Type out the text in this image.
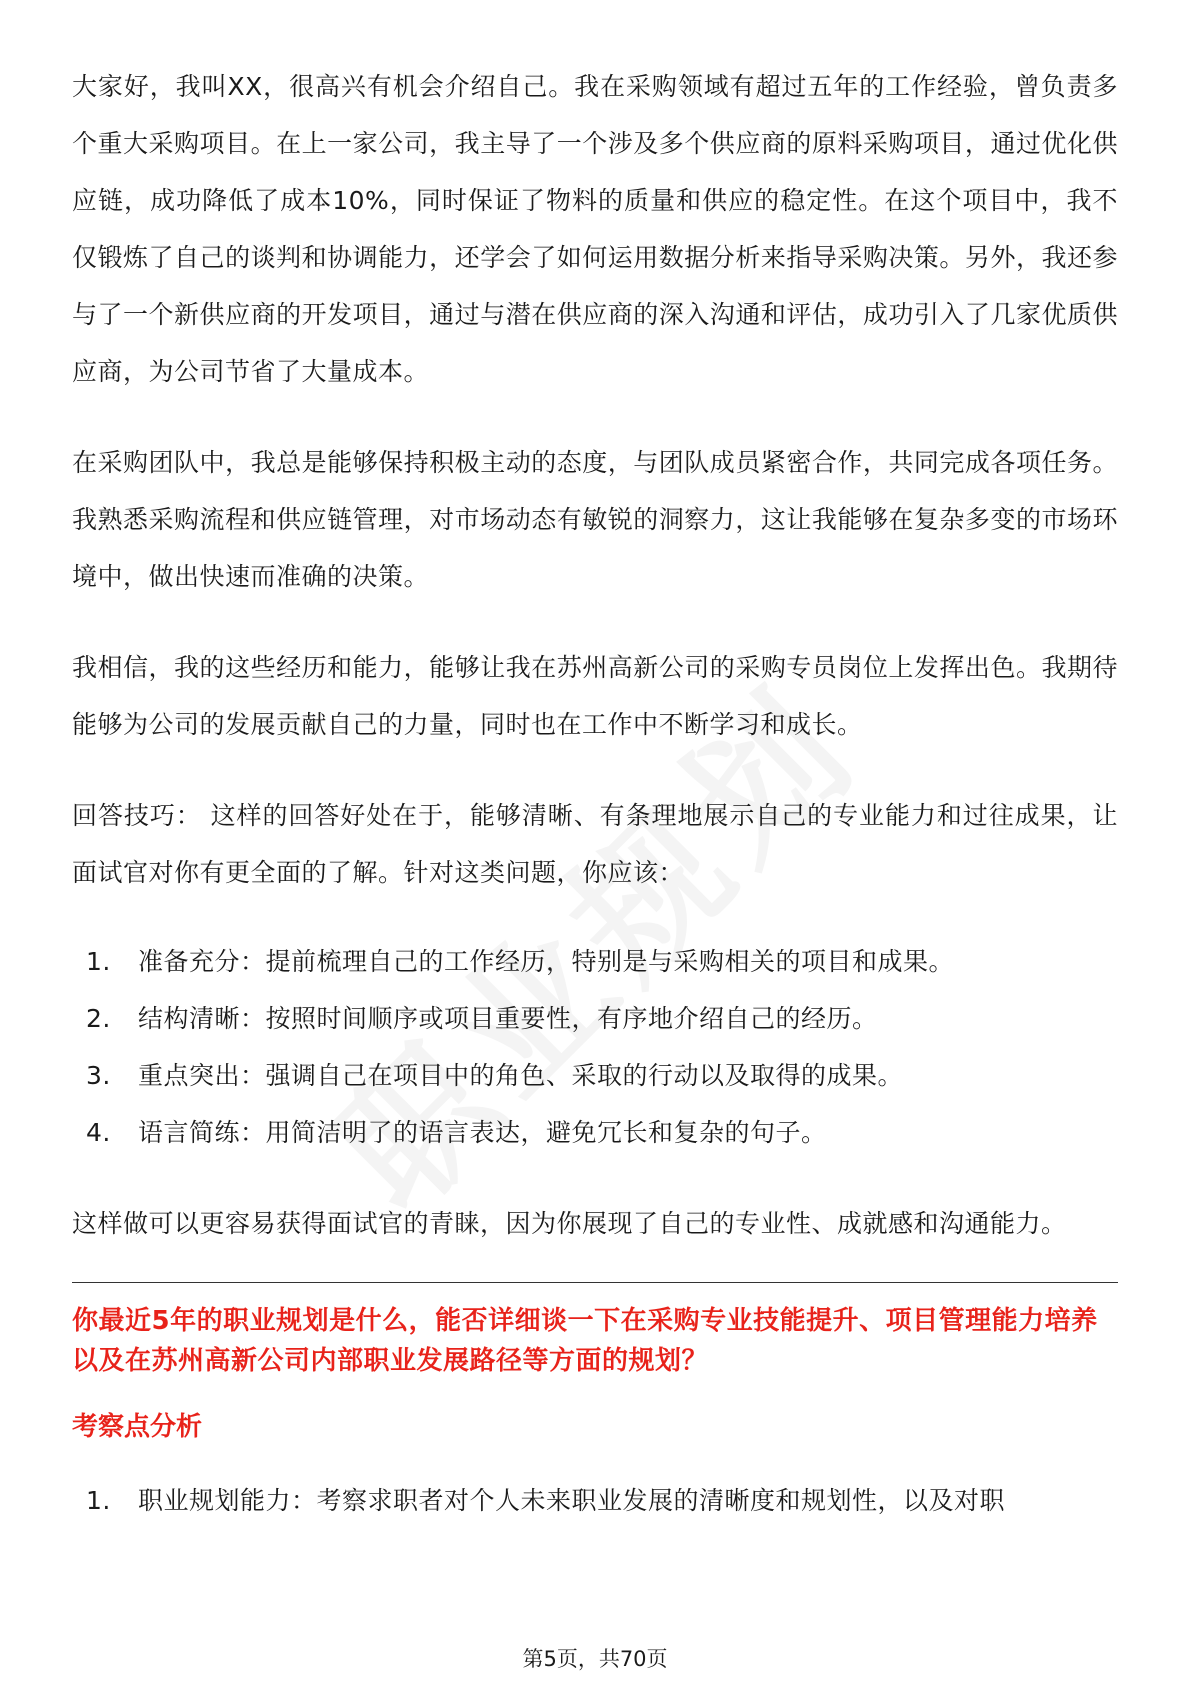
大家好，我叫XX，很高兴有机会介绍自己。我在采购领域有超过五年的工作经验，曾负责多个重大采购项目。在上一家公司，我主导了一个涉及多个供应商的原料采购项目，通过优化供应链，成功降低了成本10%，同时保证了物料的质量和供应的稳定性。在这个项目中，我不仅锻炼了自己的谈判和协调能力，还学会了如何运用数据分析来指导采购决策。另外，我还参与了一个新供应商的开发项目，通过与潜在供应商的深入沟通和评估，成功引入了几家优质供应商，为公司节省了大量成本。

在采购团队中，我总是能够保持积极主动的态度，与团队成员紧密合作，共同完成各项任务。我熟悉采购流程和供应链管理，对市场动态有敏锐的洞察力，这让我能够在复杂多变的市场环境中，做出快速而准确的决策。

我相信，我的这些经历和能力，能够让我在苏州高新公司的采购专员岗位上发挥出色。我期待能够为公司的发展贡献自己的力量，同时也在工作中不断学习和成长。

回答技巧： 这样的回答好处在于，能够清晰、有条理地展示自己的专业能力和过往成果，让面试官对你有更全面的了解。针对这类问题，你应该：

1.	准备充分：提前梳理自己的工作经历，特别是与采购相关的项目和成果。
2.	结构清晰：按照时间顺序或项目重要性，有序地介绍自己的经历。
3.	重点突出：强调自己在项目中的角色、采取的行动以及取得的成果。
4.	语言简练：用简洁明了的语言表达，避免冗长和复杂的句子。

这样做可以更容易获得面试官的青睐，因为你展现了自己的专业性、成就感和沟通能力。

你最近5年的职业规划是什么，能否详细谈一下在采购专业技能提升、项目管理能力培养以及在苏州高新公司内部职业发展路径等方面的规划？

考察点分析

1.	职业规划能力：考察求职者对个人未来职业发展的清晰度和规划性，以及对职
第5页，共70页
